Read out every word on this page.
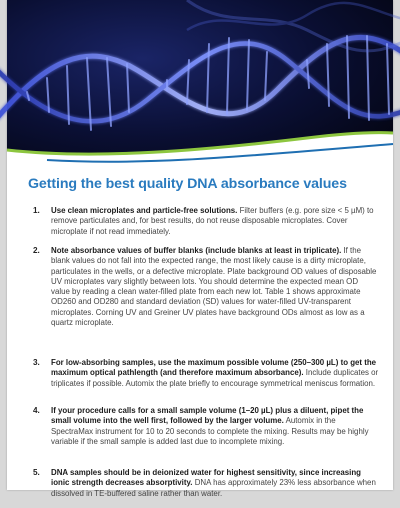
Getting the best quality DNA absorbance values
1. Use clean microplates and particle-free solutions. Filter buffers (e.g. pore size < 5 µM) to remove particulates and, for best results, do not reuse disposable microplates. Cover microplate if not read immediately.
2. Note absorbance values of buffer blanks (include blanks at least in triplicate). If the blank values do not fall into the expected range, the most likely cause is a dirty microplate, particulates in the wells, or a defective microplate. Plate background OD values of disposable UV microplates vary slightly between lots. You should determine the expected mean OD value by reading a clean water-filled plate from each new lot. Table 1 shows approximate OD260 and OD280 and standard deviation (SD) values for water-filled UV-transparent microplates. Corning UV and Greiner UV plates have background ODs almost as low as a quartz microplate.
3. For low-absorbing samples, use the maximum possible volume (250–300 µL) to get the maximum optical pathlength (and therefore maximum absorbance). Include duplicates or triplicates if possible. Automix the plate briefly to encourage symmetrical meniscus formation.
4. If your procedure calls for a small sample volume (1–20 µL) plus a diluent, pipet the small volume into the well first, followed by the larger volume. Automix in the SpectraMax instrument for 10 to 20 seconds to complete the mixing. Results may be highly variable if the small sample is added last due to incomplete mixing.
5. DNA samples should be in deionized water for highest sensitivity, since increasing ionic strength decreases absorptivity. DNA has approximately 23% less absorbance when dissolved in TE-buffered saline rather than water.
